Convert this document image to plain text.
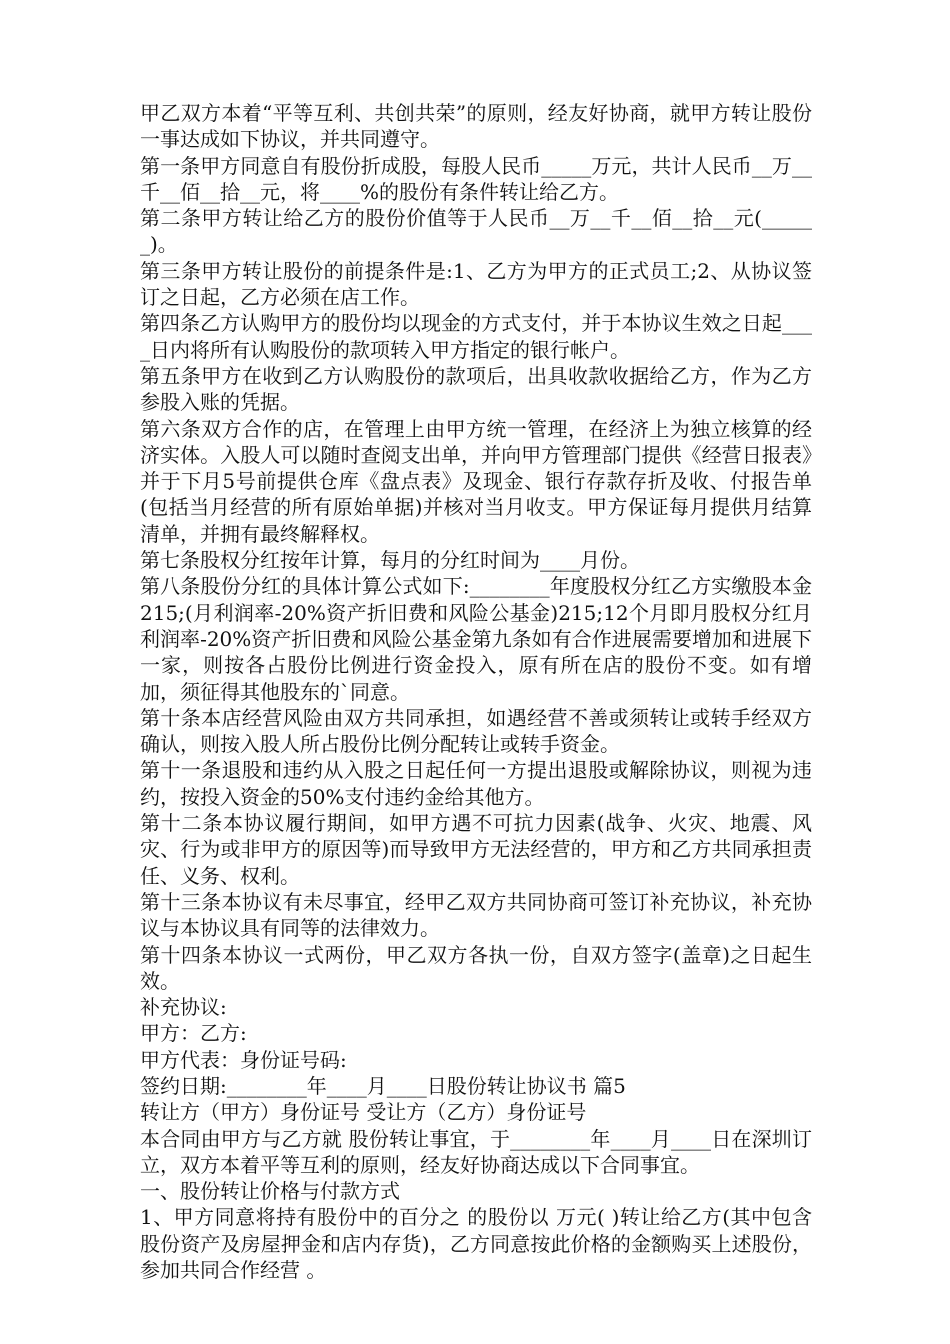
甲乙双方本着“平等互利、共创共荣”的原则，经友好协商，就甲方转让股份一事达成如下协议，并共同遵守。

第一条甲方同意自有股份折成股，每股人民币_____万元，共计人民币__万__千__佰__拾__元，将____%的股份有条件转让给乙方。

第二条甲方转让给乙方的股份价值等于人民币__万__千__佰__拾__元(______)。

第三条甲方转让股份的前提条件是:1、乙方为甲方的正式员工;2、从协议签订之日起，乙方必须在店工作。

第四条乙方认购甲方的股份均以现金的方式支付，并于本协议生效之日起____日内将所有认购股份的款项转入甲方指定的银行帐户。

第五条甲方在收到乙方认购股份的款项后，出具收款收据给乙方，作为乙方参股入账的凭据。

第六条双方合作的店，在管理上由甲方统一管理，在经济上为独立核算的经济实体。入股人可以随时查阅支出单，并向甲方管理部门提供《经营日报表》并于下月5号前提供仓库《盘点表》及现金、银行存款存折及收、付报告单(包括当月经营的所有原始单据)并核对当月收支。甲方保证每月提供月结算清单，并拥有最终解释权。

第七条股权分红按年计算，每月的分红时间为____月份。

第八条股份分红的具体计算公式如下:________年度股权分红乙方实缴股本金215;(月利润率-20%资产折旧费和风险公基金)215;12个月即月股权分红月利润率-20%资产折旧费和风险公基金第九条如有合作进展需要增加和进展下一家，则按各占股份比例进行资金投入，原有所在店的股份不变。如有增加，须征得其他股东的`同意。

第十条本店经营风险由双方共同承担，如遇经营不善或须转让或转手经双方确认，则按入股人所占股份比例分配转让或转手资金。

第十一条退股和违约从入股之日起任何一方提出退股或解除协议，则视为违约，按投入资金的50%支付违约金给其他方。

第十二条本协议履行期间，如甲方遇不可抗力因素(战争、火灾、地震、风灾、行为或非甲方的原因等)而导致甲方无法经营的，甲方和乙方共同承担责任、义务、权利。

第十三条本协议有未尽事宜，经甲乙双方共同协商可签订补充协议，补充协议与本协议具有同等的法律效力。

第十四条本协议一式两份，甲乙双方各执一份，自双方签字(盖章)之日起生效。

补充协议:

甲方：乙方:

甲方代表：身份证号码:

签约日期:________年____月____日股份转让协议书 篇5

转让方（甲方）身份证号 受让方（乙方）身份证号

本合同由甲方与乙方就 股份转让事宜，于________年____月____日在深圳订立，双方本着平等互利的原则，经友好协商达成以下合同事宜。

一、股份转让价格与付款方式

1、甲方同意将持有股份中的百分之 的股份以 万元( )转让给乙方(其中包含股份资产及房屋押金和店内存货)，乙方同意按此价格的金额购买上述股份，参加共同合作经营 。
